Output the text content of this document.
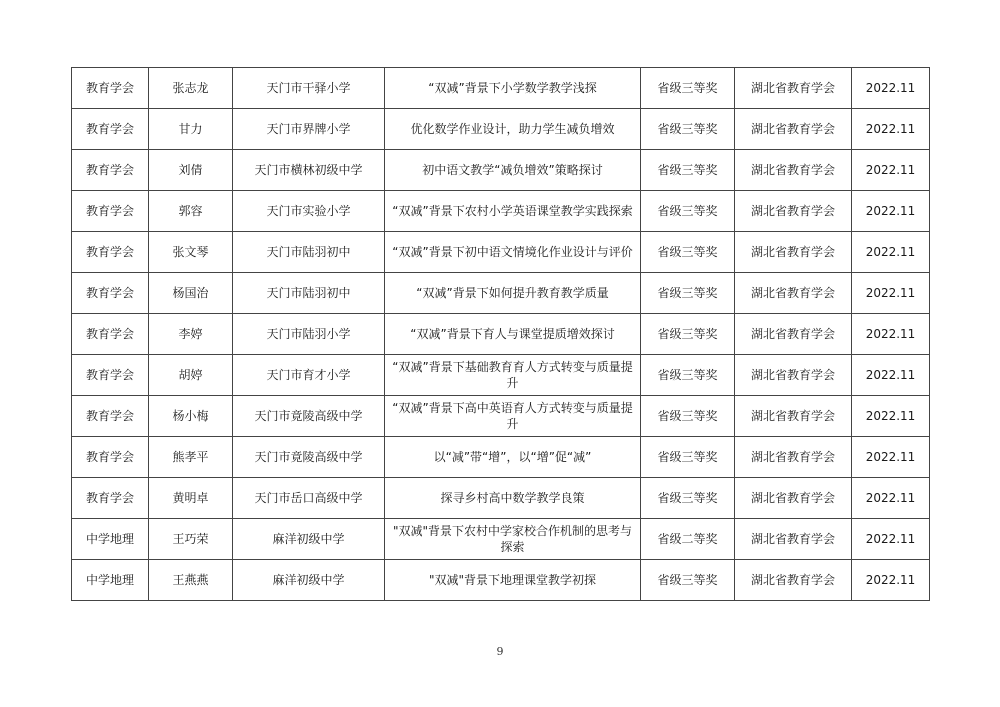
教育学会	张志龙	天门市干驿小学	“双减”背景下小学数学教学浅探	省级三等奖	湖北省教育学会	2022.11
教育学会	甘力	天门市界牌小学	优化数学作业设计，助力学生减负增效	省级三等奖	湖北省教育学会	2022.11
教育学会	刘倩	天门市横林初级中学	初中语文教学“减负增效”策略探讨	省级三等奖	湖北省教育学会	2022.11
教育学会	郭容	天门市实验小学	“双减”背景下农村小学英语课堂教学实践探索	省级三等奖	湖北省教育学会	2022.11
教育学会	张文琴	天门市陆羽初中	“双减”背景下初中语文情境化作业设计与评价	省级三等奖	湖北省教育学会	2022.11
教育学会	杨国治	天门市陆羽初中	“双减”背景下如何提升教育教学质量	省级三等奖	湖北省教育学会	2022.11
教育学会	李婷	天门市陆羽小学	“双减”背景下育人与课堂提质增效探讨	省级三等奖	湖北省教育学会	2022.11
教育学会	胡婷	天门市育才小学	“双减”背景下基础教育育人方式转变与质量提升	省级三等奖	湖北省教育学会	2022.11
教育学会	杨小梅	天门市竟陵高级中学	“双减”背景下高中英语育人方式转变与质量提升	省级三等奖	湖北省教育学会	2022.11
教育学会	熊孝平	天门市竟陵高级中学	以“减”带“增”，以“增”促“减”	省级三等奖	湖北省教育学会	2022.11
教育学会	黄明卓	天门市岳口高级中学	探寻乡村高中数学教学良策	省级三等奖	湖北省教育学会	2022.11
中学地理	王巧荣	麻洋初级中学	"双减"背景下农村中学家校合作机制的思考与探索	省级二等奖	湖北省教育学会	2022.11
中学地理	王燕燕	麻洋初级中学	"双减"背景下地理课堂教学初探	省级三等奖	湖北省教育学会	2022.11
9
